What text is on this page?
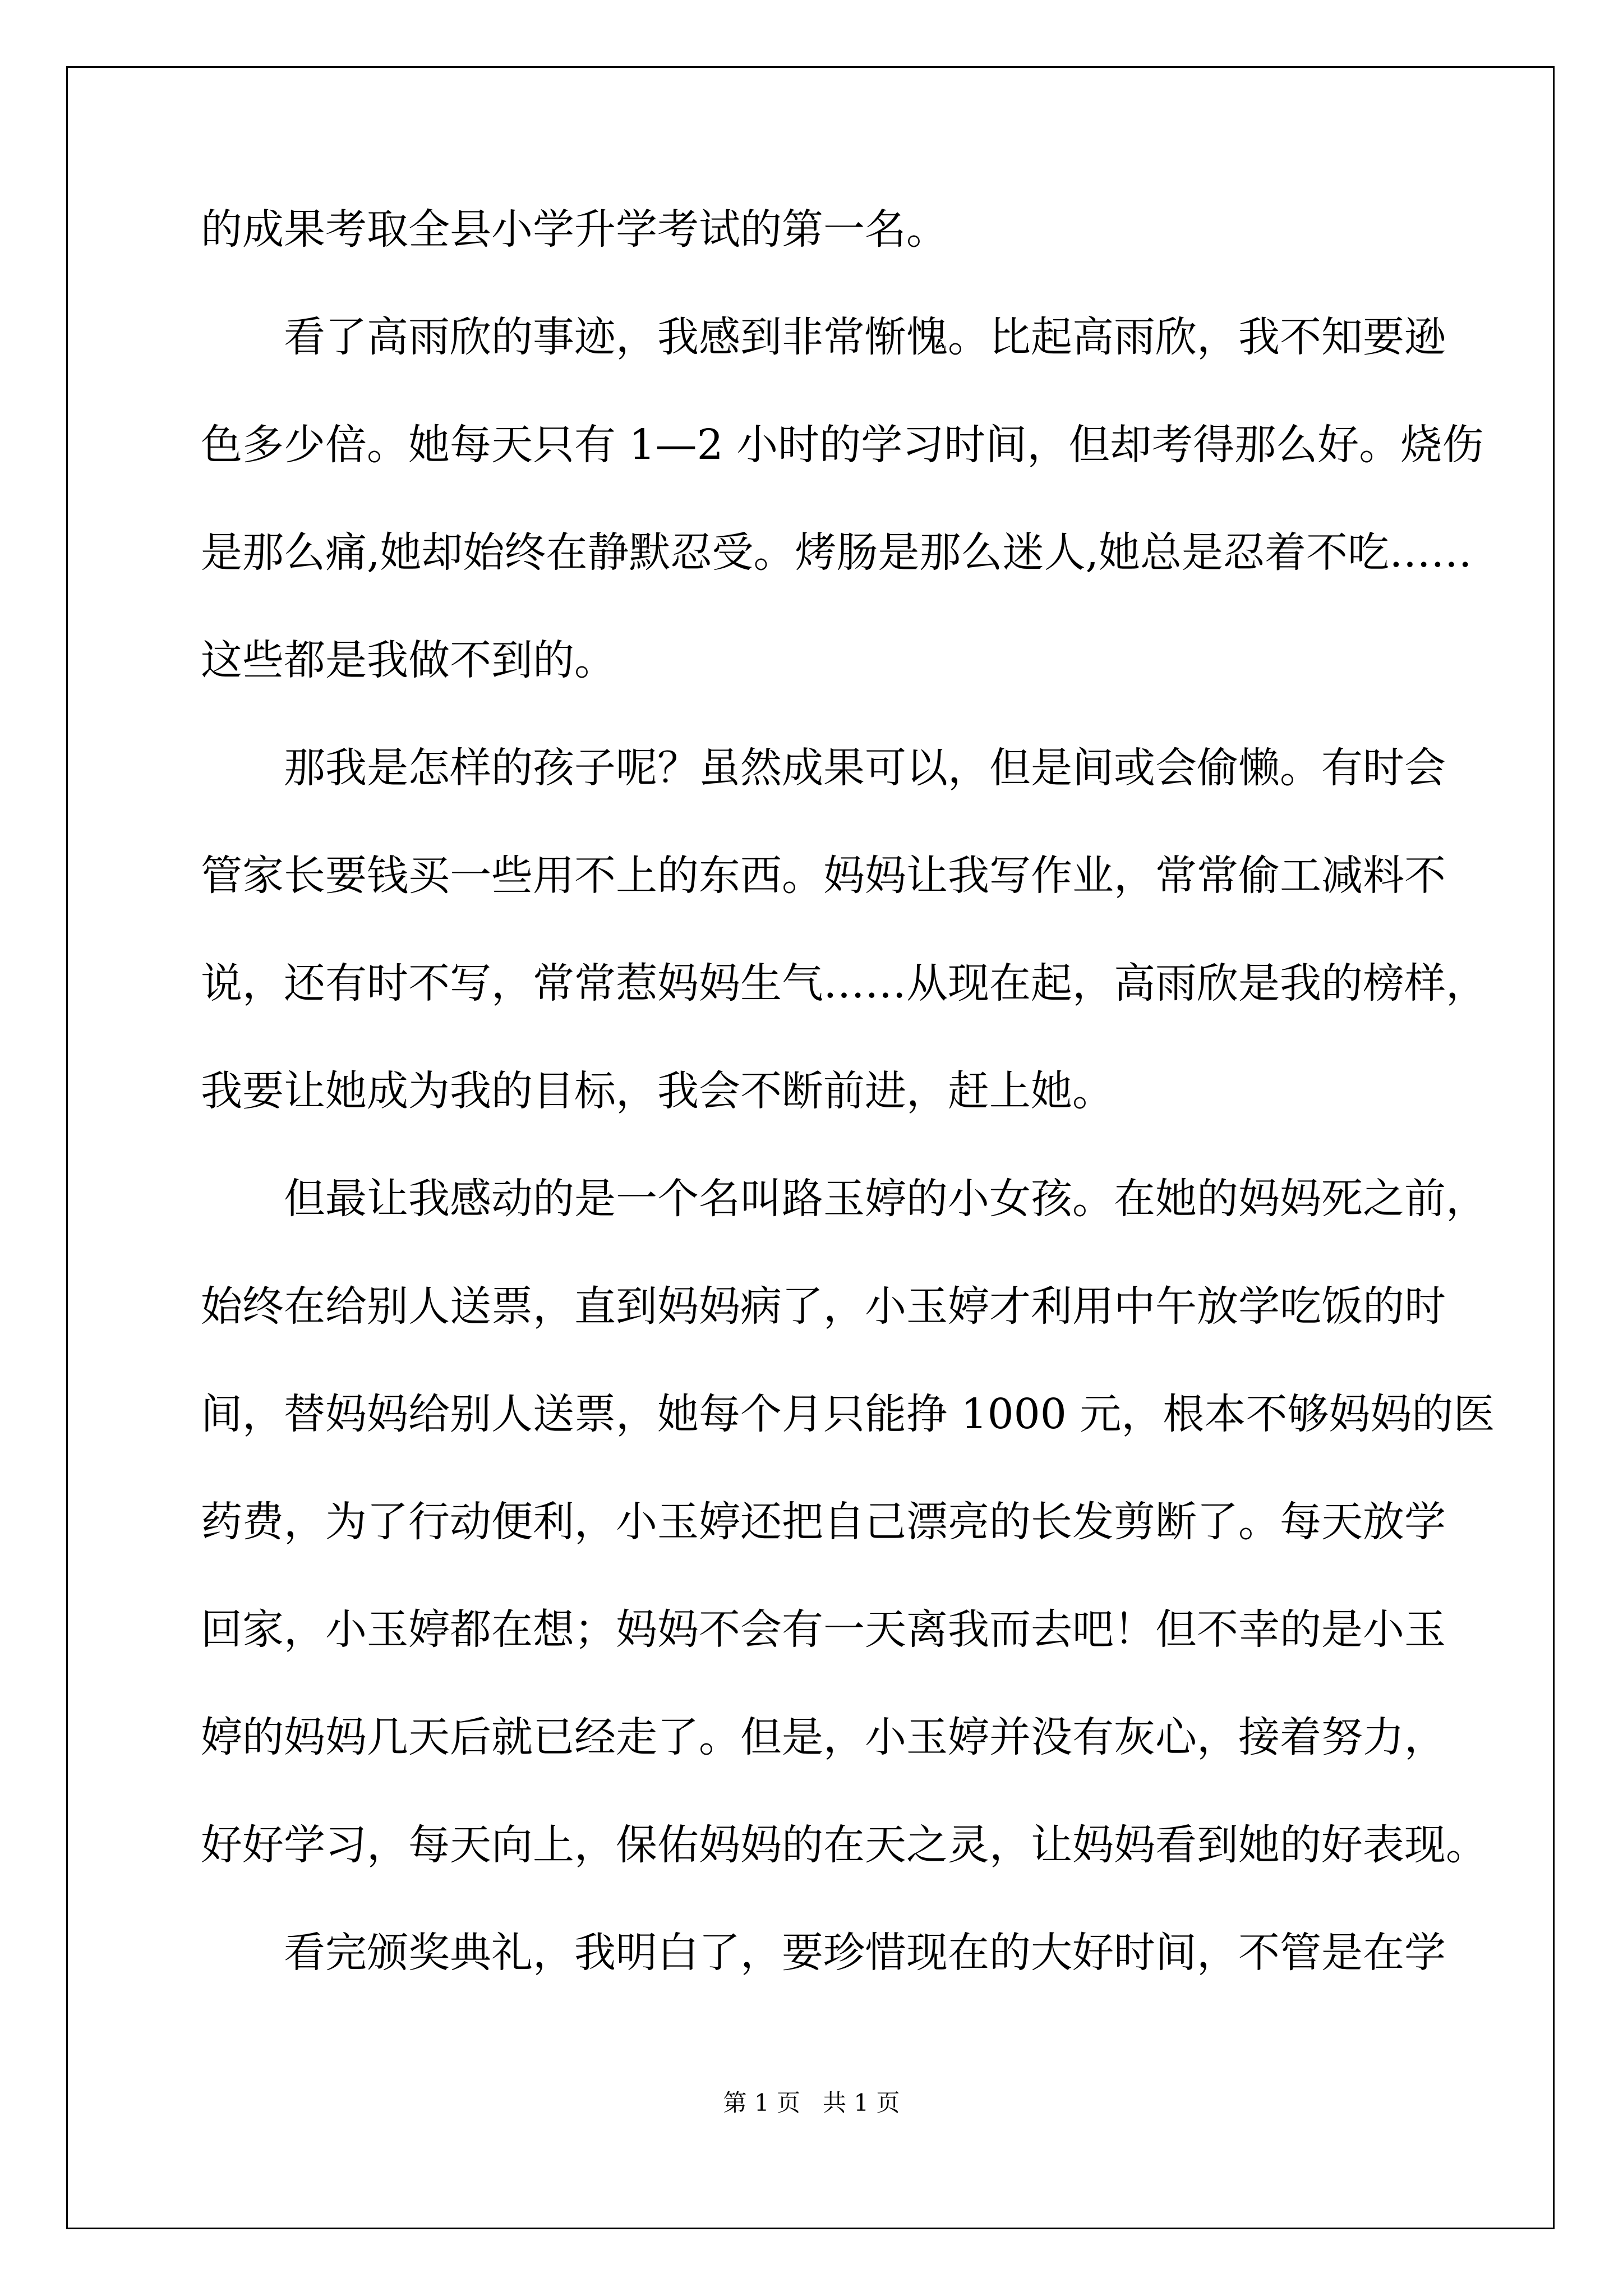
的成果考取全县小学升学考试的第一名。
看了高雨欣的事迹，我感到非常惭愧。比起高雨欣，我不知要逊
色多少倍。她每天只有 1—2 小时的学习时间，但却考得那么好。烧伤
是那么痛,她却始终在静默忍受。烤肠是那么迷人,她总是忍着不吃……
这些都是我做不到的。
那我是怎样的孩子呢？虽然成果可以，但是间或会偷懒。有时会
管家长要钱买一些用不上的东西。妈妈让我写作业，常常偷工减料不
说，还有时不写，常常惹妈妈生气……从现在起，高雨欣是我的榜样，
我要让她成为我的目标，我会不断前进，赶上她。
但最让我感动的是一个名叫路玉婷的小女孩。在她的妈妈死之前，
始终在给别人送票，直到妈妈病了，小玉婷才利用中午放学吃饭的时
间，替妈妈给别人送票，她每个月只能挣 1000 元，根本不够妈妈的医
药费，为了行动便利，小玉婷还把自己漂亮的长发剪断了。每天放学
回家，小玉婷都在想；妈妈不会有一天离我而去吧！但不幸的是小玉
婷的妈妈几天后就已经走了。但是，小玉婷并没有灰心，接着努力，
好好学习，每天向上，保佑妈妈的在天之灵，让妈妈看到她的好表现。
看完颁奖典礼，我明白了，要珍惜现在的大好时间，不管是在学
第 1 页   共 1 页
